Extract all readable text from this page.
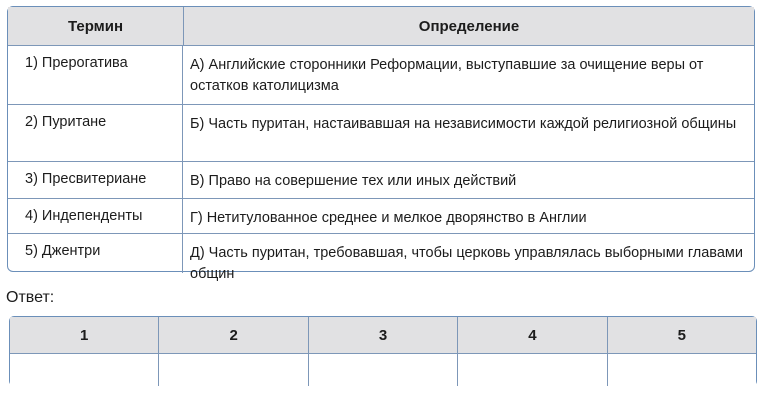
Термин	Определение
1) Прерогатива	А) Английские сторонники Реформации, выступавшие за очищение веры от остатков католицизма
2) Пуритане	Б) Часть пуритан, настаивавшая на независимости каждой религиозной общины
3) Пресвитериане	В) Право на совершение тех или иных действий
4) Индепенденты	Г) Нетитулованное среднее и мелкое дворянство в Англии
5) Джентри	Д) Часть пуритан, требовавшая, чтобы церковь управлялась выборными главами общин
Ответ:
1	2	3	4	5
